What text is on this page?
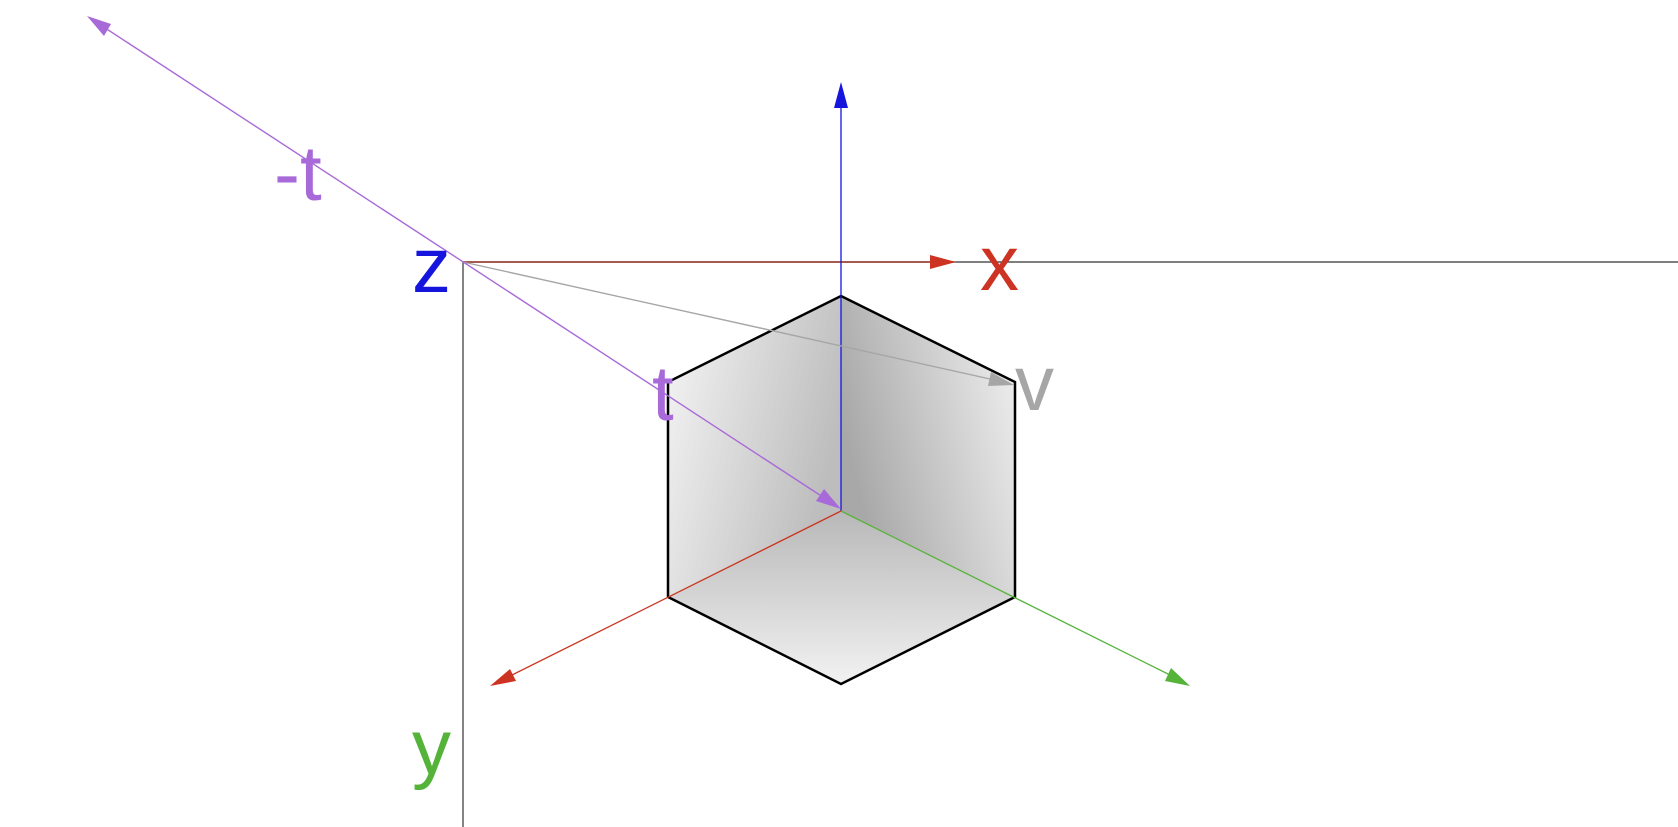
z	x
y
-t
t	v
